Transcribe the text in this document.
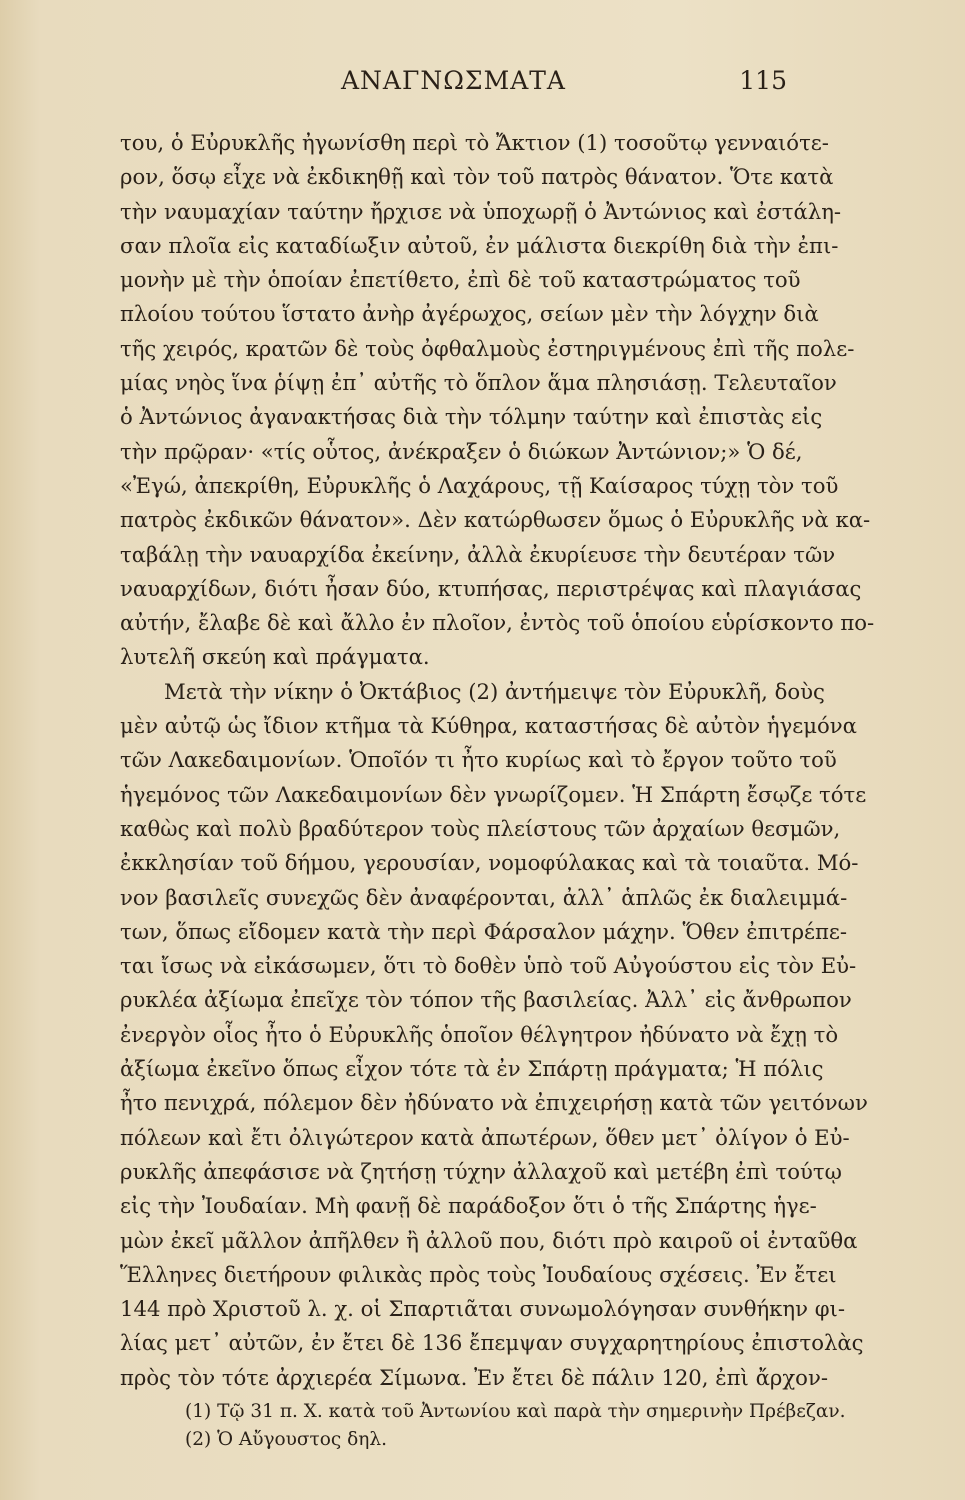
ΑΝΑΓΝΩΣΜΑΤΑ	115
του, ὁ Εὐρυκλῆς ἠγωνίσθη περὶ τὸ Ἄκτιον (1) τοσοῦτῳ γενναιότε-
ρον, ὅσῳ εἶχε νὰ ἐκδικηθῇ καὶ τὸν τοῦ πατρὸς θάνατον. Ὅτε κατὰ
τὴν ναυμαχίαν ταύτην ἤρχισε νὰ ὑποχωρῇ ὁ Ἀντώνιος καὶ ἐστάλη-
σαν πλοῖα εἰς καταδίωξιν αὐτοῦ, ἐν μάλιστα διεκρίθη διὰ τὴν ἐπι-
μονὴν μὲ τὴν ὁποίαν ἐπετίθετο, ἐπὶ δὲ τοῦ καταστρώματος τοῦ
πλοίου τούτου ἵστατο ἀνὴρ ἀγέρωχος, σείων μὲν τὴν λόγχην διὰ
τῆς χειρός, κρατῶν δὲ τοὺς ὀφθαλμοὺς ἐστηριγμένους ἐπὶ τῆς πολε-
μίας νηὸς ἵνα ῥίψῃ ἐπ᾽ αὐτῆς τὸ ὅπλον ἅμα πλησιάσῃ. Τελευταῖον
ὁ Ἀντώνιος ἀγανακτήσας διὰ τὴν τόλμην ταύτην καὶ ἐπιστὰς εἰς
τὴν πρῷραν· «τίς οὗτος, ἀνέκραξεν ὁ διώκων Ἀντώνιον;» Ὁ δέ,
«Ἐγώ, ἀπεκρίθη, Εὐρυκλῆς ὁ Λαχάρους, τῇ Καίσαρος τύχῃ τὸν τοῦ
πατρὸς ἐκδικῶν θάνατον». Δὲν κατώρθωσεν ὅμως ὁ Εὐρυκλῆς νὰ κα-
ταβάλῃ τὴν ναυαρχίδα ἐκείνην, ἀλλὰ ἐκυρίευσε τὴν δευτέραν τῶν
ναυαρχίδων, διότι ἦσαν δύο, κτυπήσας, περιστρέψας καὶ πλαγιάσας
αὐτήν, ἔλαβε δὲ καὶ ἄλλο ἐν πλοῖον, ἐντὸς τοῦ ὁποίου εὑρίσκοντο πο-
λυτελῆ σκεύη καὶ πράγματα.
Μετὰ τὴν νίκην ὁ Ὀκτάβιος (2) ἀντήμειψε τὸν Εὐρυκλῆ, δοὺς
μὲν αὐτῷ ὡς ἴδιον κτῆμα τὰ Κύθηρα, καταστήσας δὲ αὐτὸν ἡγεμόνα
τῶν Λακεδαιμονίων. Ὁποῖόν τι ἦτο κυρίως καὶ τὸ ἔργον τοῦτο τοῦ
ἡγεμόνος τῶν Λακεδαιμονίων δὲν γνωρίζομεν. Ἡ Σπάρτη ἔσῳζε τότε
καθὼς καὶ πολὺ βραδύτερον τοὺς πλείστους τῶν ἀρχαίων θεσμῶν,
ἐκκλησίαν τοῦ δήμου, γερουσίαν, νομοφύλακας καὶ τὰ τοιαῦτα. Μό-
νον βασιλεῖς συνεχῶς δὲν ἀναφέρονται, ἀλλ᾽ ἁπλῶς ἐκ διαλειμμά-
των, ὅπως εἴδομεν κατὰ τὴν περὶ Φάρσαλον μάχην. Ὅθεν ἐπιτρέπε-
ται ἴσως νὰ εἰκάσωμεν, ὅτι τὸ δοθὲν ὑπὸ τοῦ Αὐγούστου εἰς τὸν Εὐ-
ρυκλέα ἀξίωμα ἐπεῖχε τὸν τόπον τῆς βασιλείας. Ἀλλ᾽ εἰς ἄνθρωπον
ἐνεργὸν οἷος ἦτο ὁ Εὐρυκλῆς ὁποῖον θέλγητρον ἠδύνατο νὰ ἔχῃ τὸ
ἀξίωμα ἐκεῖνο ὅπως εἶχον τότε τὰ ἐν Σπάρτῃ πράγματα; Ἡ πόλις
ἦτο πενιχρά, πόλεμον δὲν ἠδύνατο νὰ ἐπιχειρήσῃ κατὰ τῶν γειτόνων
πόλεων καὶ ἔτι ὀλιγώτερον κατὰ ἀπωτέρων, ὅθεν μετ᾽ ὀλίγον ὁ Εὐ-
ρυκλῆς ἀπεφάσισε νὰ ζητήσῃ τύχην ἀλλαχοῦ καὶ μετέβη ἐπὶ τούτῳ
εἰς τὴν Ἰουδαίαν. Μὴ φανῇ δὲ παράδοξον ὅτι ὁ τῆς Σπάρτης ἡγε-
μὼν ἐκεῖ μᾶλλον ἀπῆλθεν ἢ ἀλλοῦ που, διότι πρὸ καιροῦ οἱ ἐνταῦθα
Ἕλληνες διετήρουν φιλικὰς πρὸς τοὺς Ἰουδαίους σχέσεις. Ἐν ἔτει
144 πρὸ Χριστοῦ λ. χ. οἱ Σπαρτιᾶται συνωμολόγησαν συνθήκην φι-
λίας μετ᾽ αὐτῶν, ἐν ἔτει δὲ 136 ἔπεμψαν συγχαρητηρίους ἐπιστολὰς
πρὸς τὸν τότε ἀρχιερέα Σίμωνα. Ἐν ἔτει δὲ πάλιν 120, ἐπὶ ἄρχον-
(1) Τῷ 31 π. Χ. κατὰ τοῦ Ἀντωνίου καὶ παρὰ τὴν σημερινὴν Πρέβεζαν.
(2) Ὁ Αὔγουστος δηλ.
